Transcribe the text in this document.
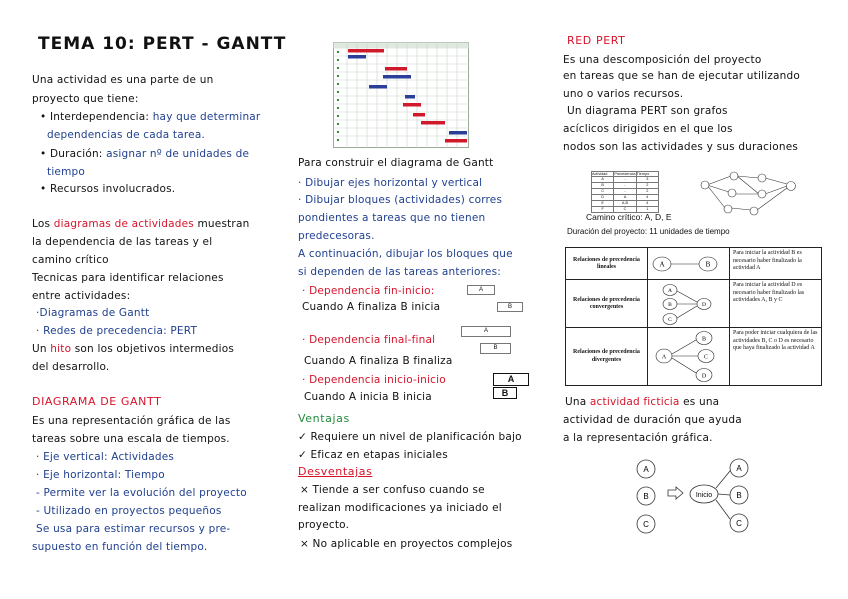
TEMA 10: PERT - GANTT
Una actividad es una parte de un
proyecto que tiene:
• Interdependencia: hay que determinar
dependencias de cada tarea.
• Duración: asignar nº de unidades de
tiempo
• Recursos involucrados.
Los diagramas de actividades muestran
la dependencia de las tareas y el
camino crítico
Tecnicas para identificar relaciones
entre actividades:
·Diagramas de Gantt
· Redes de precedencia: PERT
Un hito son los objetivos intermedios
del desarrollo.
DIAGRAMA DE GANTT
Es una representación gráfica de las
tareas sobre una escala de tiempos.
· Eje vertical: Actividades
· Eje horizontal: Tiempo
- Permite ver la evolución del proyecto
- Utilizado en proyectos pequeños
Se usa para estimar recursos y pre-
supuesto en función del tiempo.
Para construir el diagrama de Gantt
· Dibujar ejes horizontal y vertical
· Dibujar bloques (actividades) corres
pondientes a tareas que no tienen
predecesoras.
A continuación, dibujar los bloques que
si dependen de las tareas anteriores:
· Dependencia fin-inicio:	A
Cuando A finaliza B inicia	B
· Dependencia final-final
A
B
Cuando A finaliza B finaliza
· Dependencia inicio-inicio	A
B
Cuando A inicia B inicia
Ventajas
✓ Requiere un nivel de planificación bajo
✓ Eficaz en etapas iniciales
Desventajas
× Tiende a ser confuso cuando se
realizan modificaciones ya iniciado el
proyecto.
× No aplicable en proyectos complejos
RED PERT
Es una descomposición del proyecto
en tareas que se han de ejecutar utilizando
uno o varios recursos.
Un diagrama PERT son grafos
acíclicos dirigidos en el que los
nodos son las actividades y sus duraciones
Actividad	Precedencia Tiempo
A	-	3
B	-	2
C	-	2
D	A	4
E	A,B	4
F	C	1
Camino crítico: A, D, E
Duración del proyecto: 11 unidades de tiempo
Relaciones de precedencia lineales	A	B
Para iniciar la actividad B es necesario haber finalizado la actividad A
Relaciones de precedencia convergentes
A
B
C
D
Para iniciar la actividad D es necesario haber finalizado las actividades A, B y C
Relaciones de precedencia divergentes	A
B
C
D
Para poder iniciar cualquiera de las actividades B, C o D es necesario que haya finalizado la actividad A
Una actividad ficticia es una
actividad de duración que ayuda
a la representación gráfica.
A
B
C
Inicio
A
B
C
